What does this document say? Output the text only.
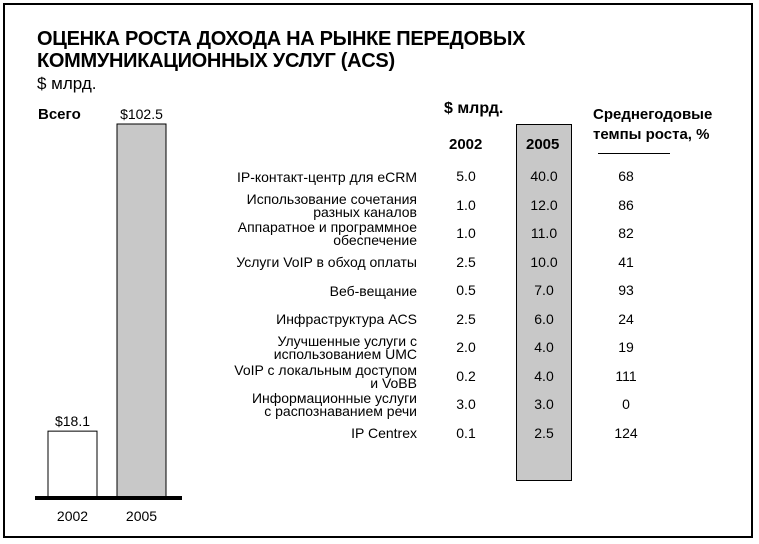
ОЦЕНКА РОСТА ДОХОДА НА РЫНКЕ ПЕРЕДОВЫХ
КОММУНИКАЦИОННЫХ УСЛУГ (ACS)
$ млрд.
Всего
$18.1
2002
$102.5
2005
$ млрд.
2002	2005
Среднегодовые
темпы роста, %
IP-контакт-центр для eCRM	5.0	40.0	68
Использование сочетания
разных каналов	1.0	12.0	86
Аппаратное и программное
обеспечение	1.0	11.0	82
Услуги VoIP в обход оплаты	2.5	10.0	41
Веб-вещание	0.5	7.0	93
Инфраструктура ACS	2.5	6.0	24
Улучшенные услуги с
использованием UMC	2.0	4.0	19
VoIP с локальным доступом
и VoBB	0.2	4.0	111
Информационные услуги
с распознаванием речи	3.0	3.0	0
IP Centrex	0.1	2.5	124
